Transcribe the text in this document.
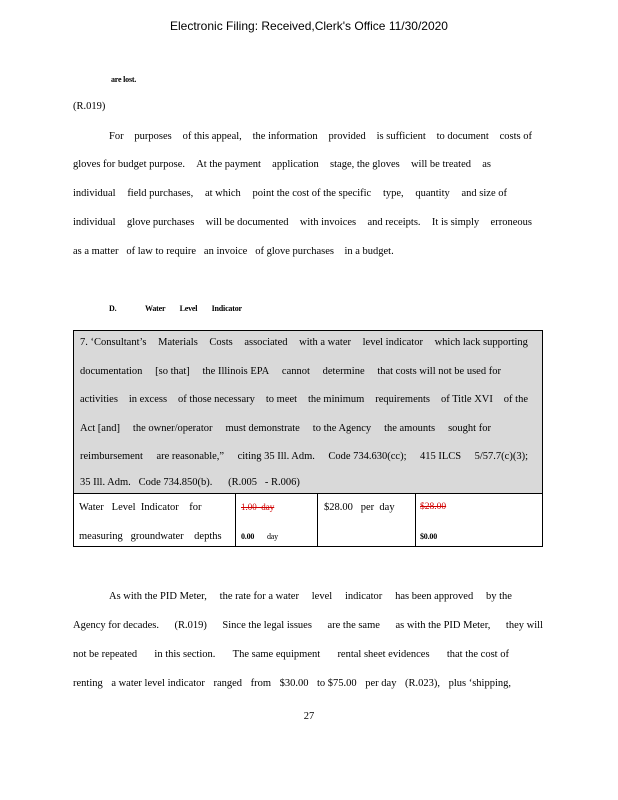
Electronic Filing: Received,Clerk's Office 11/30/2020
are lost.
(R.019)
For purposes of this appeal, the information provided is sufficient to document costs of
gloves for budget purpose. At the payment application stage, the gloves will be treated as
individual field purchases, at which point the cost of the specific type, quantity and size of
individual glove purchases will be documented with invoices and receipts. It is simply erroneous
as a matter   of law to require   an invoice   of glove purchases    in a budget.
D.	Water        Level        Indicator
7. ‘Consultant’s Materials Costs associated with a water level indicator which lack supporting
documentation [so that] the Illinois EPA cannot determine that costs will not be used for
activities in excess of those necessary to meet the minimum requirements of Title XVI of the
Act [and] the owner/operator must demonstrate to the Agency the amounts sought for
reimbursement are reasonable,” citing 35 Ill. Adm. Code 734.630(cc); 415 ILCS 5/57.7(c)(3);
35 Ill. Adm.   Code 734.850(b).      (R.005   - R.006)
Water   Level  Indicator    for
measuring   groundwater    depths
1.00  day
0.00 day
$28.00   per  day	$28.00
$0.00
As with the PID Meter, the rate for a water level indicator has been approved by the
Agency for decades. (R.019) Since the legal issues are the same as with the PID Meter, they will
not be repeated in this section. The same equipment rental sheet evidences that the cost of
renting a water level indicator ranged from $30.00 to $75.00 per day (R.023), plus ‘shipping,
27
